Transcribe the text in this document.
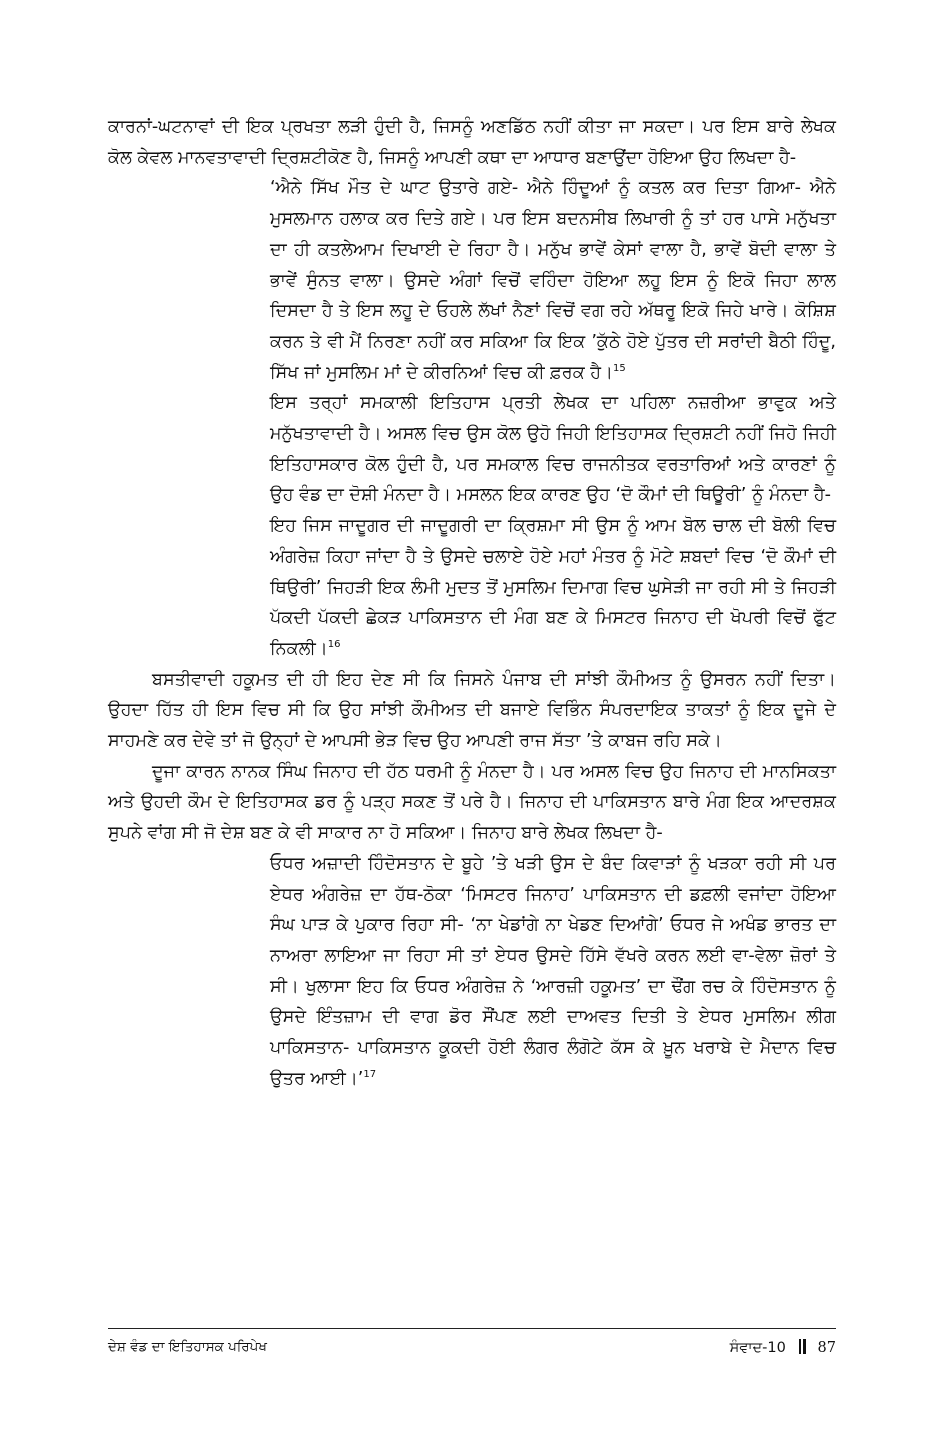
ਕਾਰਨਾਂ-ਘਟਨਾਵਾਂ ਦੀ ਇਕ ਪ੍ਰਖਤਾ ਲੜੀ ਹੁੰਦੀ ਹੈ, ਜਿਸਨੂੰ ਅਣਡਿੱਠ ਨਹੀਂ ਕੀਤਾ ਜਾ ਸਕਦਾ। ਪਰ ਇਸ ਬਾਰੇ ਲੇਖਕ ਕੋਲ ਕੇਵਲ ਮਾਨਵਤਾਵਾਦੀ ਦ੍ਰਿਸ਼ਟੀਕੋਣ ਹੈ, ਜਿਸਨੂੰ ਆਪਣੀ ਕਥਾ ਦਾ ਆਧਾਰ ਬਣਾਉਂਦਾ ਹੋਇਆ ਉਹ ਲਿਖਦਾ ਹੈ-

‘ਐਨੇ ਸਿੱਖ ਮੌਤ ਦੇ ਘਾਟ ਉਤਾਰੇ ਗਏ- ਐਨੇ ਹਿੰਦੂਆਂ ਨੂੰ ਕਤਲ ਕਰ ਦਿਤਾ ਗਿਆ- ਐਨੇ ਮੁਸਲਮਾਨ ਹਲਾਕ ਕਰ ਦਿਤੇ ਗਏ। ਪਰ ਇਸ ਬਦਨਸੀਬ ਲਿਖਾਰੀ ਨੂੰ ਤਾਂ ਹਰ ਪਾਸੇ ਮਨੁੱਖਤਾ ਦਾ ਹੀ ਕਤਲੇਆਮ ਦਿਖਾਈ ਦੇ ਰਿਹਾ ਹੈ। ਮਨੁੱਖ ਭਾਵੇਂ ਕੇਸਾਂ ਵਾਲਾ ਹੈ, ਭਾਵੇਂ ਬੋਦੀ ਵਾਲਾ ਤੇ ਭਾਵੇਂ ਸੁੰਨਤ ਵਾਲਾ। ਉਸਦੇ ਅੰਗਾਂ ਵਿਚੋਂ ਵਹਿੰਦਾ ਹੋਇਆ ਲਹੂ ਇਸ ਨੂੰ ਇਕੋ ਜਿਹਾ ਲਾਲ ਦਿਸਦਾ ਹੈ ਤੇ ਇਸ ਲਹੂ ਦੇ ਓਹਲੇ ਲੱਖਾਂ ਨੈਣਾਂ ਵਿਚੋਂ ਵਗ ਰਹੇ ਅੱਥਰੂ ਇਕੋ ਜਿਹੇ ਖਾਰੇ। ਕੋਸ਼ਿਸ਼ ਕਰਨ ਤੇ ਵੀ ਮੈਂ ਨਿਰਣਾ ਨਹੀਂ ਕਰ ਸਕਿਆ ਕਿ ਇਕ ’ਕੁੱਠੇ ਹੋਏ ਪੁੱਤਰ ਦੀ ਸਰਾਂਦੀ ਬੈਠੀ ਹਿੰਦੂ, ਸਿੱਖ ਜਾਂ ਮੁਸਲਿਮ ਮਾਂ ਦੇ ਕੀਰਨਿਆਂ ਵਿਚ ਕੀ ਫ਼ਰਕ ਹੈ।$^{15}$

ਇਸ ਤਰ੍ਹਾਂ ਸਮਕਾਲੀ ਇਤਿਹਾਸ ਪ੍ਰਤੀ ਲੇਖਕ ਦਾ ਪਹਿਲਾ ਨਜ਼ਰੀਆ ਭਾਵੁਕ ਅਤੇ ਮਨੁੱਖਤਾਵਾਦੀ ਹੈ। ਅਸਲ ਵਿਚ ਉਸ ਕੋਲ ਉਹੋ ਜਿਹੀ ਇਤਿਹਾਸਕ ਦ੍ਰਿਸ਼ਟੀ ਨਹੀਂ ਜਿਹੋ ਜਿਹੀ ਇਤਿਹਾਸਕਾਰ ਕੋਲ ਹੁੰਦੀ ਹੈ, ਪਰ ਸਮਕਾਲ ਵਿਚ ਰਾਜਨੀਤਕ ਵਰਤਾਰਿਆਂ ਅਤੇ ਕਾਰਣਾਂ ਨੂੰ ਉਹ ਵੰਡ ਦਾ ਦੋਸ਼ੀ ਮੰਨਦਾ ਹੈ। ਮਸਲਨ ਇਕ ਕਾਰਣ ਉਹ ‘ਦੋ ਕੌਮਾਂ ਦੀ ਥਿਊਰੀ’ ਨੂੰ ਮੰਨਦਾ ਹੈ-

ਇਹ ਜਿਸ ਜਾਦੂਗਰ ਦੀ ਜਾਦੂਗਰੀ ਦਾ ਕ੍ਰਿਸ਼ਮਾ ਸੀ ਉਸ ਨੂੰ ਆਮ ਬੋਲ ਚਾਲ ਦੀ ਬੋਲੀ ਵਿਚ ਅੰਗਰੇਜ਼ ਕਿਹਾ ਜਾਂਦਾ ਹੈ ਤੇ ਉਸਦੇ ਚਲਾਏ ਹੋਏ ਮਹਾਂ ਮੰਤਰ ਨੂੰ ਮੋਟੇ ਸ਼ਬਦਾਂ ਵਿਚ ‘ਦੋ ਕੌਮਾਂ ਦੀ ਥਿਉਰੀ’ ਜਿਹੜੀ ਇਕ ਲੰਮੀ ਮੁਦਤ ਤੋਂ ਮੁਸਲਿਮ ਦਿਮਾਗ ਵਿਚ ਘੁਸੇੜੀ ਜਾ ਰਹੀ ਸੀ ਤੇ ਜਿਹੜੀ ਪੱਕਦੀ ਪੱਕਦੀ ਛੇਕੜ ਪਾਕਿਸਤਾਨ ਦੀ ਮੰਗ ਬਣ ਕੇ ਮਿਸਟਰ ਜਿਨਾਹ ਦੀ ਖੋਪਰੀ ਵਿਚੋਂ ਫੁੱਟ ਨਿਕਲੀ।$^{16}$

ਬਸਤੀਵਾਦੀ ਹਕੂਮਤ ਦੀ ਹੀ ਇਹ ਦੇਣ ਸੀ ਕਿ ਜਿਸਨੇ ਪੰਜਾਬ ਦੀ ਸਾਂਝੀ ਕੌਮੀਅਤ ਨੂੰ ਉਸਰਨ ਨਹੀਂ ਦਿਤਾ। ਉਹਦਾ ਹਿੱਤ ਹੀ ਇਸ ਵਿਚ ਸੀ ਕਿ ਉਹ ਸਾਂਝੀ ਕੌਮੀਅਤ ਦੀ ਬਜਾਏ ਵਿਭਿੰਨ ਸੰਪਰਦਾਇਕ ਤਾਕਤਾਂ ਨੂੰ ਇਕ ਦੂਜੇ ਦੇ ਸਾਹਮਣੇ ਕਰ ਦੇਵੇ ਤਾਂ ਜੋ ਉਨ੍ਹਾਂ ਦੇ ਆਪਸੀ ਭੇੜ ਵਿਚ ਉਹ ਆਪਣੀ ਰਾਜ ਸੱਤਾ ’ਤੇ ਕਾਬਜ ਰਹਿ ਸਕੇ।

ਦੂਜਾ ਕਾਰਨ ਨਾਨਕ ਸਿੰਘ ਜਿਨਾਹ ਦੀ ਹੱਠ ਧਰਮੀ ਨੂੰ ਮੰਨਦਾ ਹੈ। ਪਰ ਅਸਲ ਵਿਚ ਉਹ ਜਿਨਾਹ ਦੀ ਮਾਨਸਿਕਤਾ ਅਤੇ ਉਹਦੀ ਕੌਮ ਦੇ ਇਤਿਹਾਸਕ ਡਰ ਨੂੰ ਪੜ੍ਹ ਸਕਣ ਤੋਂ ਪਰੇ ਹੈ। ਜਿਨਾਹ ਦੀ ਪਾਕਿਸਤਾਨ ਬਾਰੇ ਮੰਗ ਇਕ ਆਦਰਸ਼ਕ ਸੁਪਨੇ ਵਾਂਗ ਸੀ ਜੋ ਦੇਸ਼ ਬਣ ਕੇ ਵੀ ਸਾਕਾਰ ਨਾ ਹੋ ਸਕਿਆ। ਜਿਨਾਹ ਬਾਰੇ ਲੇਖਕ ਲਿਖਦਾ ਹੈ-

ਓਧਰ ਅਜ਼ਾਦੀ ਹਿੰਦੋਸਤਾਨ ਦੇ ਬੂਹੇ ’ਤੇ ਖੜੀ ਉਸ ਦੇ ਬੰਦ ਕਿਵਾੜਾਂ ਨੂੰ ਖੜਕਾ ਰਹੀ ਸੀ ਪਰ ਏਧਰ ਅੰਗਰੇਜ਼ ਦਾ ਹੱਥ-ਠੋਕਾ ‘ਮਿਸਟਰ ਜਿਨਾਹ’ ਪਾਕਿਸਤਾਨ ਦੀ ਡਫ਼ਲੀ ਵਜਾਂਦਾ ਹੋਇਆ ਸੰਘ ਪਾੜ ਕੇ ਪੁਕਾਰ ਰਿਹਾ ਸੀ- ‘ਨਾ ਖੇਡਾਂਗੇ ਨਾ ਖੇਡਣ ਦਿਆਂਗੇ’ ਓਧਰ ਜੇ ਅਖੰਡ ਭਾਰਤ ਦਾ ਨਾਅਰਾ ਲਾਇਆ ਜਾ ਰਿਹਾ ਸੀ ਤਾਂ ਏਧਰ ਉਸਦੇ ਹਿੱਸੇ ਵੱਖਰੇ ਕਰਨ ਲਈ ਵਾ-ਵੇਲਾ ਜ਼ੋਰਾਂ ਤੇ ਸੀ। ਖੁਲਾਸਾ ਇਹ ਕਿ ਓਧਰ ਅੰਗਰੇਜ਼ ਨੇ ‘ਆਰਜ਼ੀ ਹਕੂਮਤ’ ਦਾ ਢੌਂਗ ਰਚ ਕੇ ਹਿੰਦੋਸਤਾਨ ਨੂੰ ਉਸਦੇ ਇੰਤਜ਼ਾਮ ਦੀ ਵਾਗ ਡੋਰ ਸੌਂਪਣ ਲਈ ਦਾਅਵਤ ਦਿਤੀ ਤੇ ਏਧਰ ਮੁਸਲਿਮ ਲੀਗ ਪਾਕਿਸਤਾਨ- ਪਾਕਿਸਤਾਨ ਕੂਕਦੀ ਹੋਈ ਲੰਗਰ ਲੰਗੋਟੇ ਕੱਸ ਕੇ ਖ਼ੂਨ ਖਰਾਬੇ ਦੇ ਮੈਦਾਨ ਵਿਚ ਉਤਰ ਆਈ।’$^{17}$

ਦੇਸ਼ ਵੰਡ ਦਾ ਇਤਿਹਾਸਕ ਪਰਿਪੇਖ	ਸੰਵਾਦ-10 87
